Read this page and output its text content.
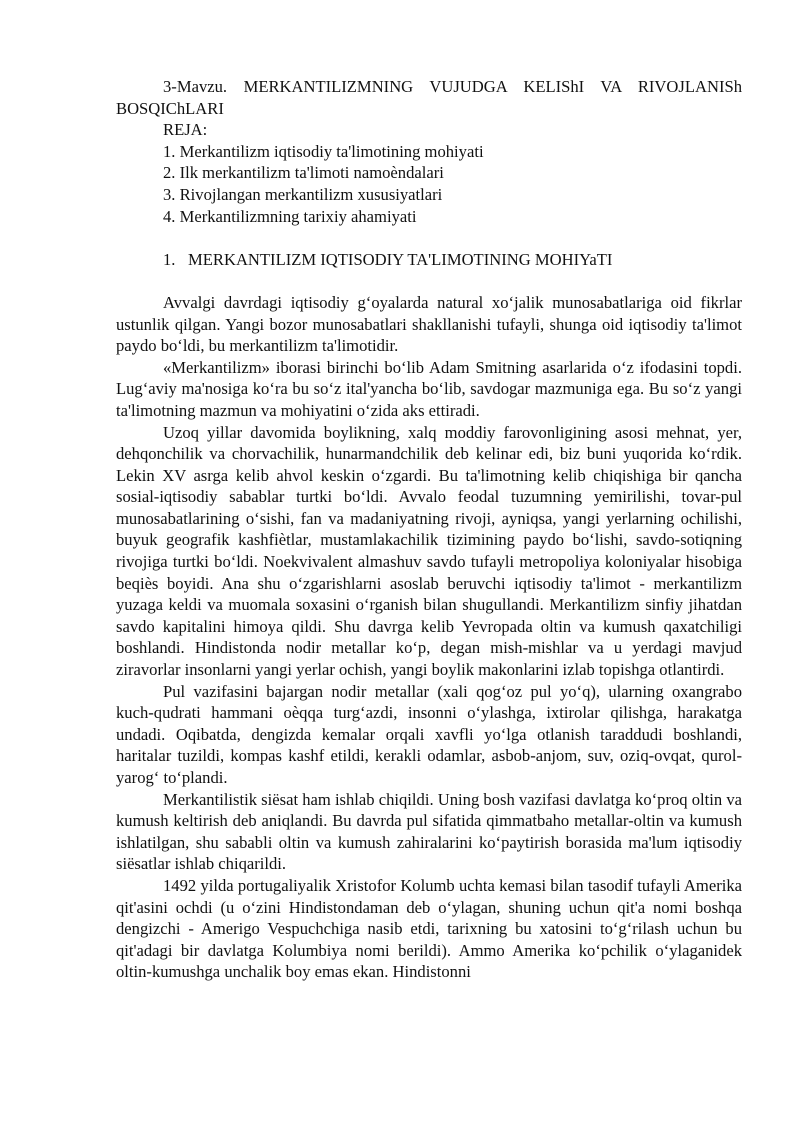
3-Mavzu. MERKANTILIZMNING VUJUDGA KELIShI VA RIVOJLANISh BOSQIChLARI
REJA:
1. Merkantilizm iqtisodiy ta'limotining mohiyati
2. Ilk merkantilizm ta'limoti namoèndalari
3. Rivojlangan merkantilizm xususiyatlari
4. Merkantilizmning tarixiy ahamiyati
1. MERKANTILIZM IQTISODIY TA'LIMOTINING MOHIYaTI

Avvalgi davrdagi iqtisodiy g‘oyalarda natural xo‘jalik munosabatlariga oid fikrlar ustunlik qilgan. Yangi bozor munosabatlari shakllanishi tufayli, shunga oid iqtisodiy ta'limot paydo bo‘ldi, bu merkantilizm ta'limotidir.

«Merkantilizm» iborasi birinchi bo‘lib Adam Smitning asarlarida o‘z ifodasini topdi. Lug‘aviy ma'nosiga ko‘ra bu so‘z ital'yancha bo‘lib, savdogar mazmuniga ega. Bu so‘z yangi ta'limotning mazmun va mohiyatini o‘zida aks ettiradi.

Uzoq yillar davomida boylikning, xalq moddiy farovonligining asosi mehnat, yer, dehqonchilik va chorvachilik, hunarmandchilik deb kelinar edi, biz buni yuqorida ko‘rdik. Lekin XV asrga kelib ahvol keskin o‘zgardi. Bu ta'limotning kelib chiqishiga bir qancha sosial-iqtisodiy sabablar turtki bo‘ldi. Avvalo feodal tuzumning yemirilishi, tovar-pul munosabatlarining o‘sishi, fan va madaniyatning rivoji, ayniqsa, yangi yerlarning ochilishi, buyuk geografik kashfiètlar, mustamlakachilik tizimining paydo bo‘lishi, savdo-sotiqning rivojiga turtki bo‘ldi. Noekvivalent almashuv savdo tufayli metropoliya koloniyalar hisobiga beqiès boyidi. Ana shu o‘zgarishlarni asoslab beruvchi iqtisodiy ta'limot - merkantilizm yuzaga keldi va muomala soxasini o‘rganish bilan shugullandi. Merkantilizm sinfiy jihatdan savdo kapitalini himoya qildi. Shu davrga kelib Yevropada oltin va kumush qaxatchiligi boshlandi. Hindistonda nodir metallar ko‘p, degan mish-mishlar va u yerdagi mavjud ziravorlar insonlarni yangi yerlar ochish, yangi boylik makonlarini izlab topishga otlantirdi.

Pul vazifasini bajargan nodir metallar (xali qog‘oz pul yo‘q), ularning oxangrabo kuch-qudrati hammani oèqqa turg‘azdi, insonni o‘ylashga, ixtirolar qilishga, harakatga undadi. Oqibatda, dengizda kemalar orqali xavfli yo‘lga otlanish taraddudi boshlandi, haritalar tuzildi, kompas kashf etildi, kerakli odamlar, asbob-anjom, suv, oziq-ovqat, qurol-yarog‘ to‘plandi.

Merkantilistik siësat ham ishlab chiqildi. Uning bosh vazifasi davlatga ko‘proq oltin va kumush keltirish deb aniqlandi. Bu davrda pul sifatida qimmatbaho metallar-oltin va kumush ishlatilgan, shu sababli oltin va kumush zahiralarini ko‘paytirish borasida ma'lum iqtisodiy siësatlar ishlab chiqarildi.

1492 yilda portugaliyalik Xristofor Kolumb uchta kemasi bilan tasodif tufayli Amerika qit'asini ochdi (u o‘zini Hindistondaman deb o‘ylagan, shuning uchun qit'a nomi boshqa dengizchi - Amerigo Vespuchchiga nasib etdi, tarixning bu xatosini to‘g‘rilash uchun bu qit'adagi bir davlatga Kolumbiya nomi berildi). Ammo Amerika ko‘pchilik o‘ylaganidek oltin-kumushga unchalik boy emas ekan. Hindistonni
